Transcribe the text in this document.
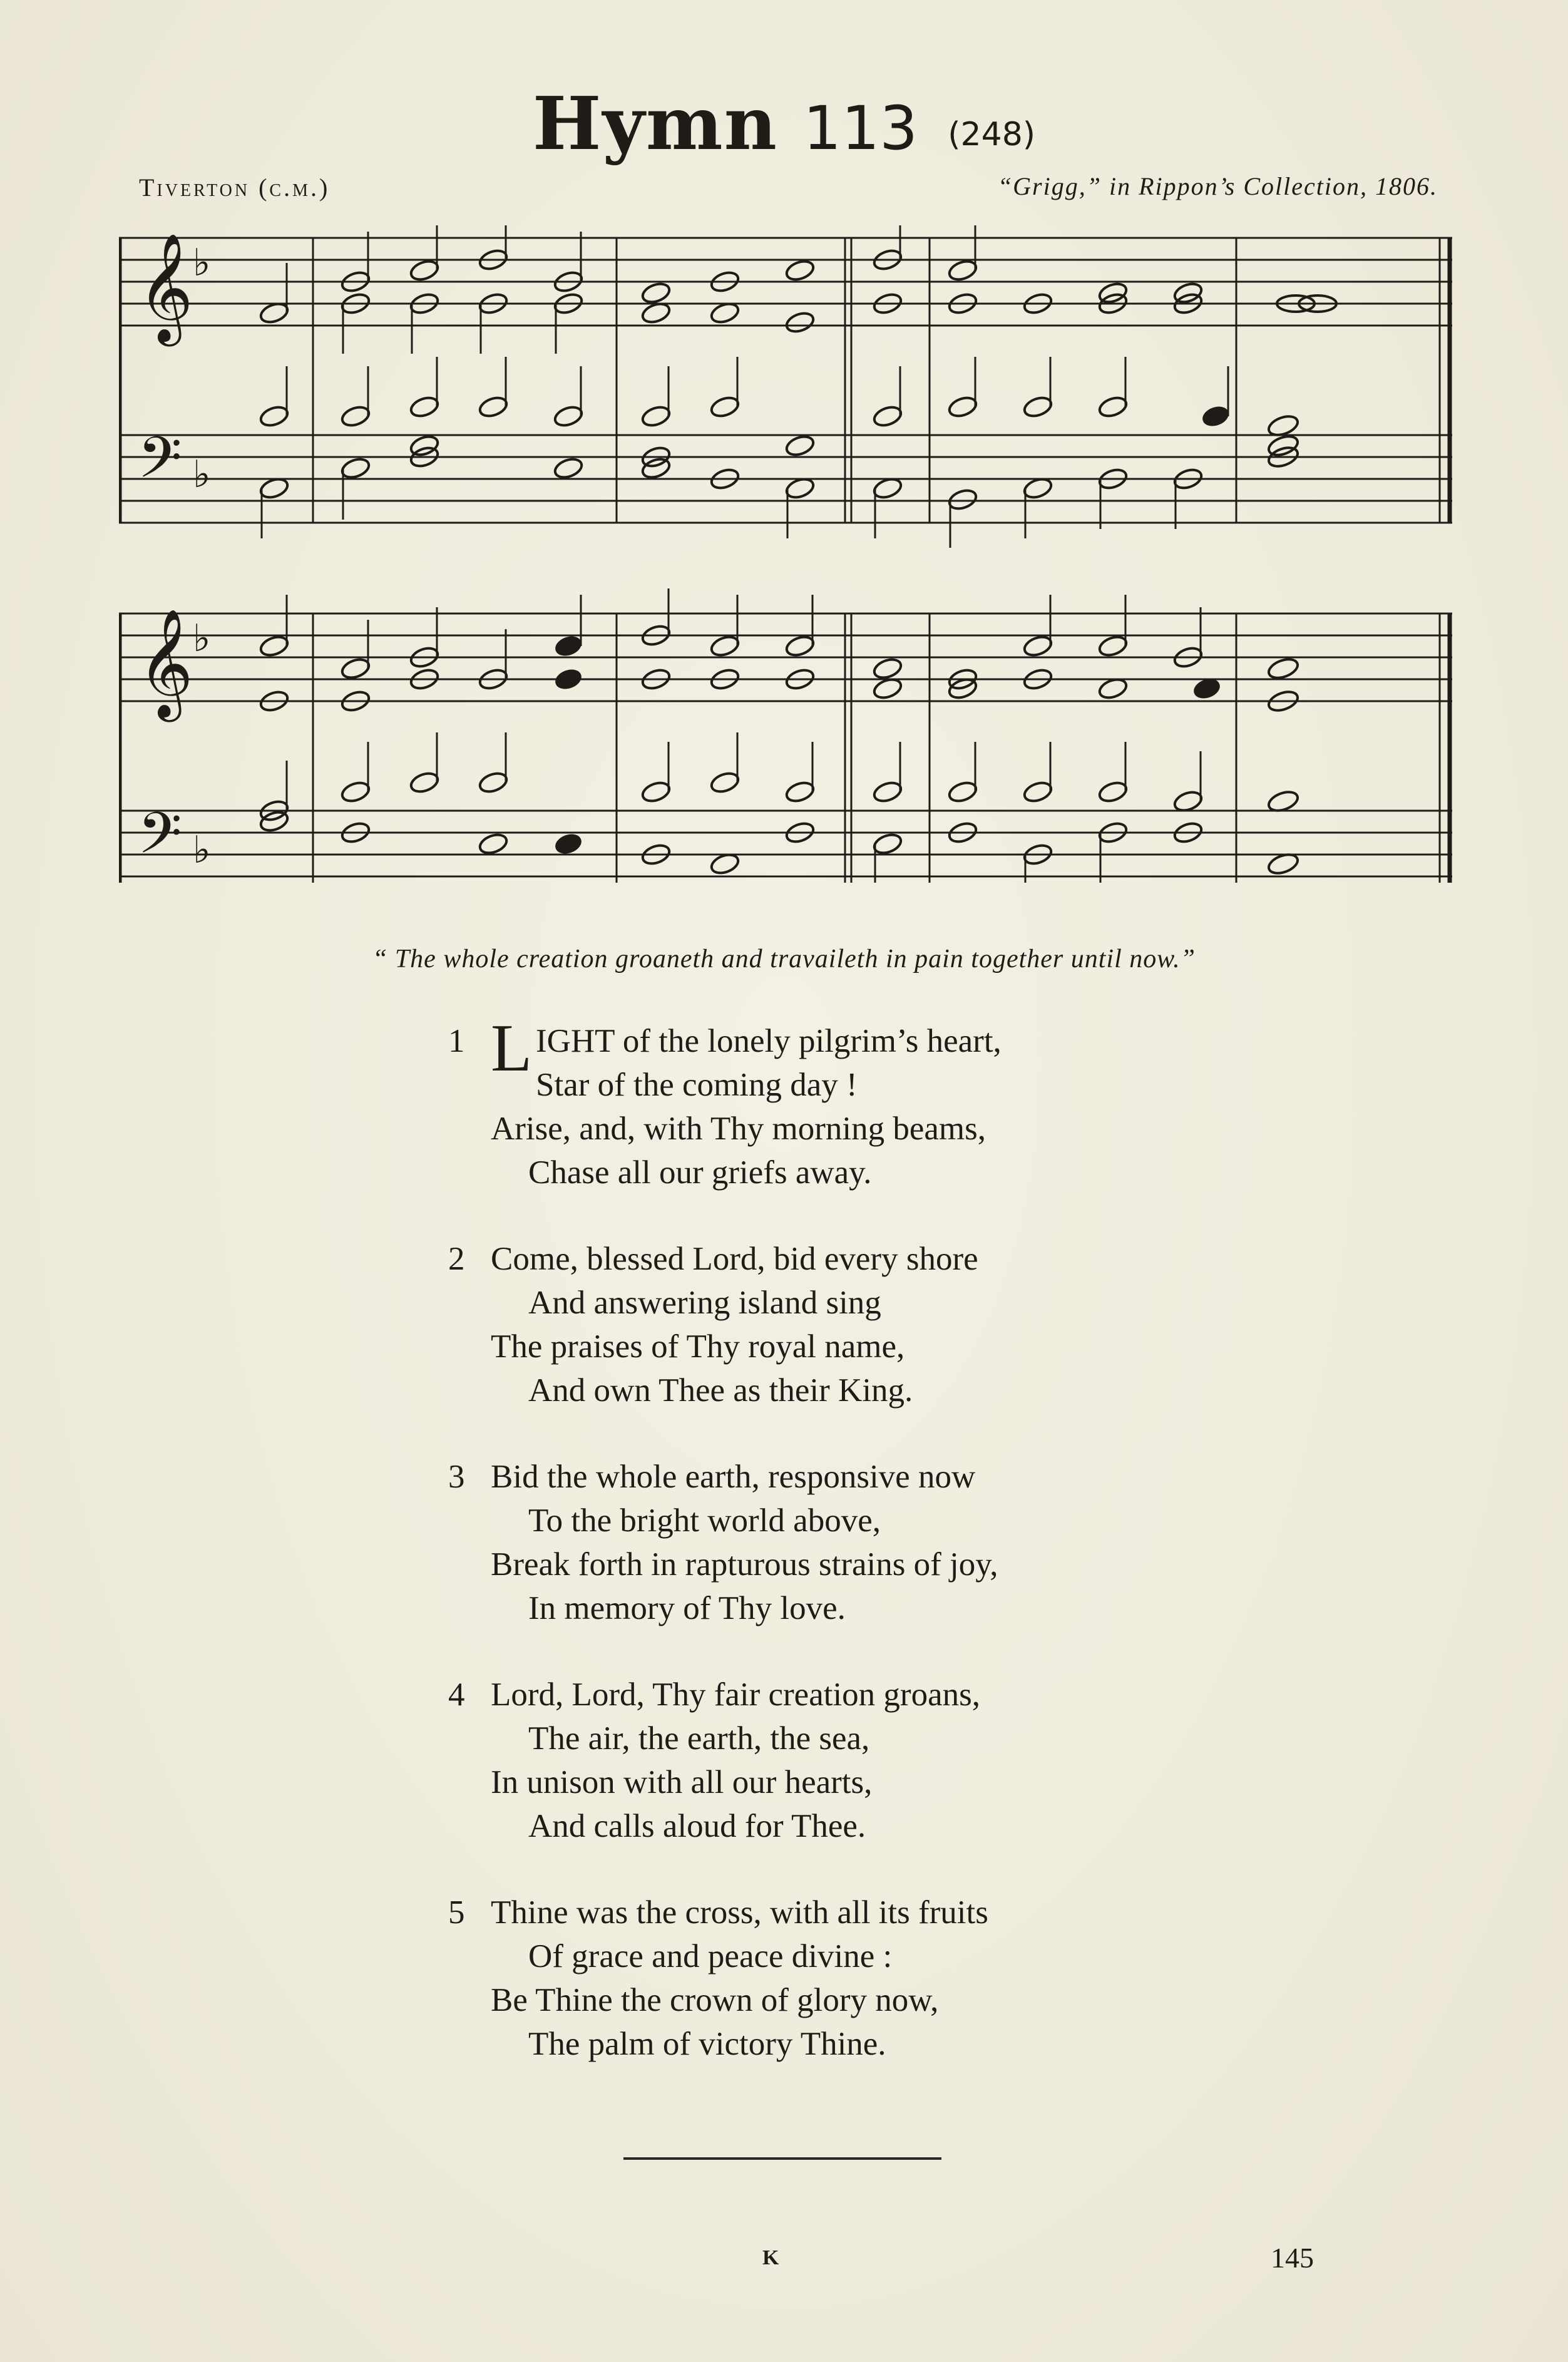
Hymn 113 (248)
Tiverton (c.m.)	“Grigg,” in Rippon’s Collection, 1806.
𝄞
𝄢
♭
♭
𝄞
𝄢
♭
♭
“ The whole creation groaneth and travaileth in pain together until now.”
1 LIGHT of the lonely pilgrim’s heart,
Star of the coming day !
Arise, and, with Thy morning beams,
Chase all our griefs away.
2 Come, blessed Lord, bid every shore
And answering island sing
The praises of Thy royal name,
And own Thee as their King.
3 Bid the whole earth, responsive now
To the bright world above,
Break forth in rapturous strains of joy,
In memory of Thy love.
4 Lord, Lord, Thy fair creation groans,
The air, the earth, the sea,
In unison with all our hearts,
And calls aloud for Thee.
5 Thine was the cross, with all its fruits
Of grace and peace divine :
Be Thine the crown of glory now,
The palm of victory Thine.
K	145
